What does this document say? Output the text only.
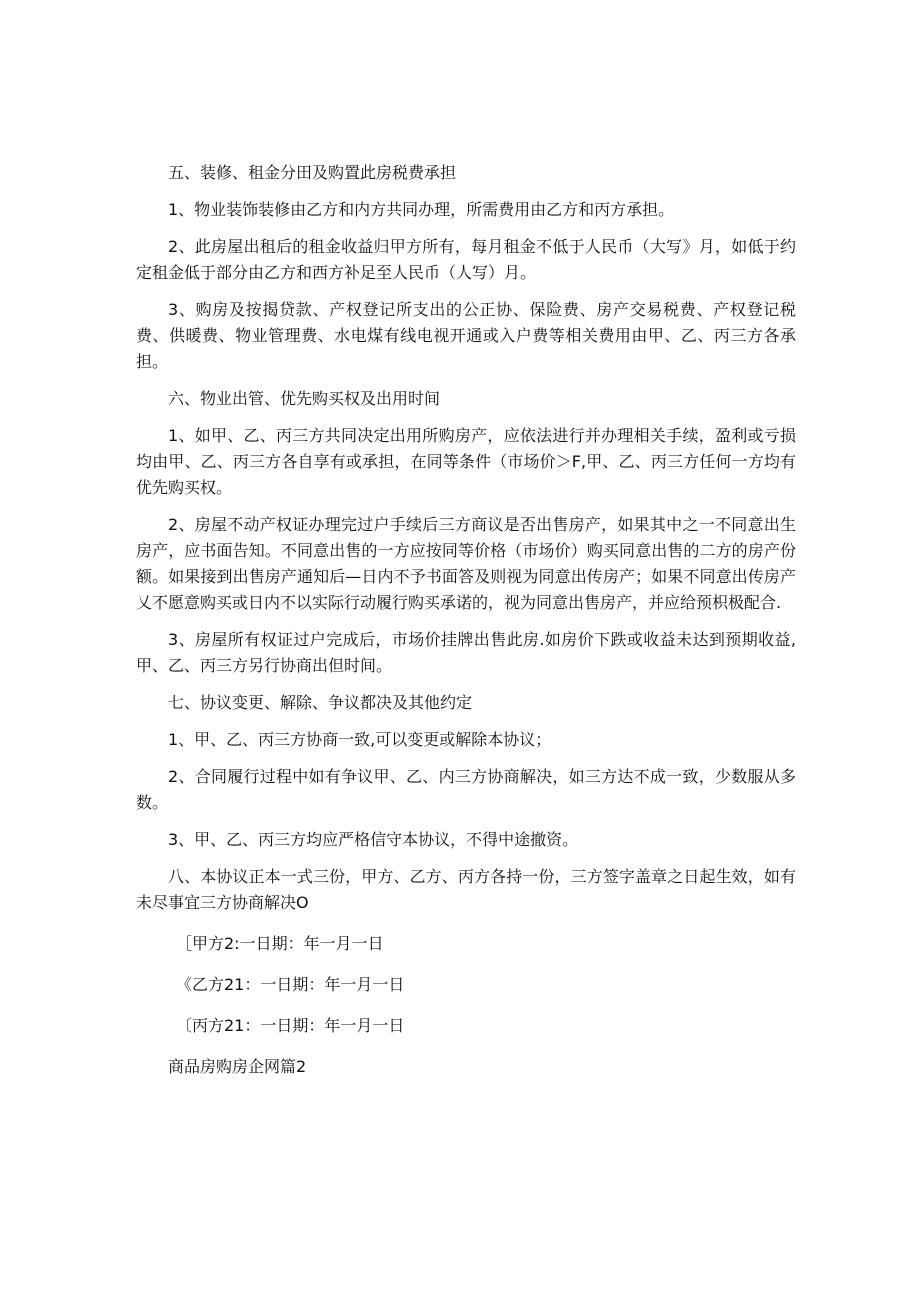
五、装修、租金分田及购置此房税费承担

1、物业装饰装修由乙方和内方共同办理，所需费用由乙方和丙方承担。

2、此房屋出租后的租金收益归甲方所有，每月租金不低于人民币（大写》月，如低于约定租金低于部分由乙方和西方补足至人民币（人写）月。

3、购房及按揭贷款、产权登记所支出的公正协、保险费、房产交易税费、产权登记税费、供暖费、物业管理费、水电煤有线电视开通或入户费等相关费用由甲、乙、丙三方各承担。

六、物业出管、优先购买权及出用时间

1、如甲、乙、丙三方共同决定出用所购房产，应依法进行并办理相关手续，盈利或亏损均由甲、乙、丙三方各自享有或承担，在同等条件（市场价＞F,甲、乙、丙三方任何一方均有优先购买权。

2、房屋不动产权证办理完过户手续后三方商议是否出售房产，如果其中之一不同意出生房产，应书面告知。不同意出售的一方应按同等价格（市场价）购买同意出售的二方的房产份额。如果接到出售房产通知后—日内不予书面答及则视为同意出传房产；如果不同意出传房产乂不愿意购买或日内不以实际行动履行购买承诺的，视为同意出售房产，并应给预枳极配合.

3、房屋所有权证过户完成后，市场价挂牌出售此房.如房价下跌或收益未达到预期收益,甲、乙、丙三方另行协商出但时间。

七、协议变更、解除、争议都决及其他约定

1、甲、乙、丙三方协商一致,可以变更或解除本协议；

2、合同履行过程中如有争议甲、乙、内三方协商解决，如三方达不成一致，少数服从多数。

3、甲、乙、丙三方均应严格信守本协议，不得中途撤资。

八、本协议正本一式三份，甲方、乙方、丙方各持一份，三方签字盖章之日起生效，如有未尽事宜三方协商解决O

［甲方2:一日期：年一月一日

《乙方21：一日期：年一月一日

〔丙方21：一日期：年一月一日

商品房购房企网篇2
